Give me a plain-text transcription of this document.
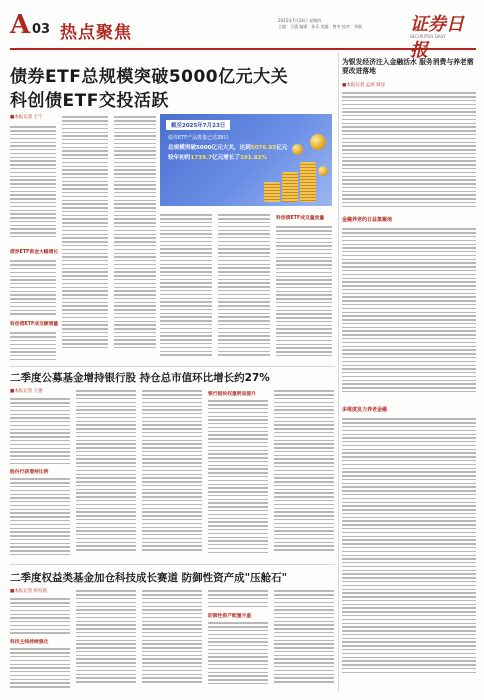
A 03 热点聚焦
2025年7月24日 星期四
主编：王僖 编辑：孙乐 美编：曾冬 校对：刘刚	证券日报
SECURITIES DAILY
债券ETF总规模突破5000亿元大关
科创债ETF交投活跃
■本报记者 王宁
债券ETF资金大幅增长
科创债ETF成交额增量
截至2025年7月23日
债券ETF产品数量已达39只
总规模突破5000亿元大关，达到5076.95亿元
较年初的1739.7亿元增长了191.82%
科创债ETF成交量放量
二季度公募基金增持银行股 持仓总市值环比增长约27%
■本报记者 王僖
股份行获增持比例
银行板块权重明显提升
二季度权益类基金加仓科技成长赛道 防御性资产成"压舱石"
■本报记者 彭衍菘
科技主线持续强化
防御性资产配置升温
为银发经济注入金融活水 服务消费与养老需要改进落地
■本报记者 孟珂 韩昱
金融养老的日益集聚地
多维度发力养老金融
